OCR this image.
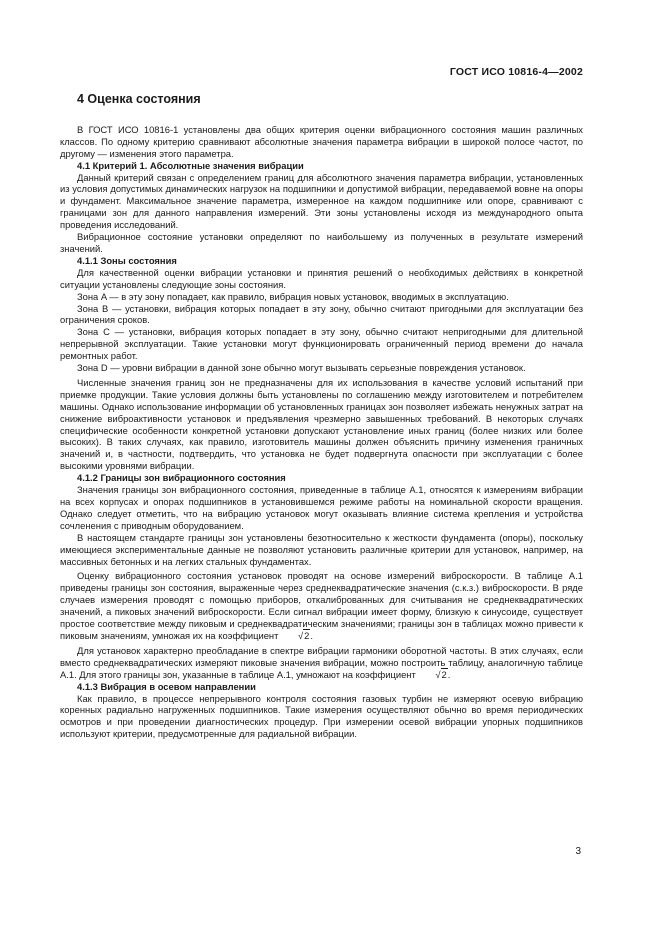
ГОСТ ИСО 10816-4—2002
4 Оценка состояния

В ГОСТ ИСО 10816-1 установлены два общих критерия оценки вибрационного состояния машин различных классов. По одному критерию сравнивают абсолютные значения параметра вибрации в широкой полосе частот, по другому — изменения этого параметра.

4.1 Критерий 1. Абсолютные значения вибрации

Данный критерий связан с определением границ для абсолютного значения параметра вибрации, установленных из условия допустимых динамических нагрузок на подшипники и допустимой вибрации, передаваемой вовне на опоры и фундамент. Максимальное значение параметра, измеренное на каждом подшипнике или опоре, сравнивают с границами зон для данного направления измерений. Эти зоны установлены исходя из международного опыта проведения исследований.

Вибрационное состояние установки определяют по наибольшему из полученных в результате измерений значений.

4.1.1 Зоны состояния

Для качественной оценки вибрации установки и принятия решений о необходимых действиях в конкретной ситуации установлены следующие зоны состояния.

Зона A — в эту зону попадает, как правило, вибрация новых установок, вводимых в эксплуатацию.

Зона B — установки, вибрация которых попадает в эту зону, обычно считают пригодными для эксплуатации без ограничения сроков.

Зона C — установки, вибрация которых попадает в эту зону, обычно считают непригодными для длительной непрерывной эксплуатации. Такие установки могут функционировать ограниченный период времени до начала ремонтных работ.

Зона D — уровни вибрации в данной зоне обычно могут вызывать серьезные повреждения установок.

Численные значения границ зон не предназначены для их использования в качестве условий испытаний при приемке продукции. Такие условия должны быть установлены по соглашению между изготовителем и потребителем машины. Однако использование информации об установленных границах зон позволяет избежать ненужных затрат на снижение виброактивности установок и предъявления чрезмерно завышенных требований. В некоторых случаях специфические особенности конкретной установки допускают установление иных границ (более низких или более высоких). В таких случаях, как правило, изготовитель машины должен объяснить причину изменения граничных значений и, в частности, подтвердить, что установка не будет подвергнута опасности при эксплуатации с более высокими уровнями вибрации.

4.1.2 Границы зон вибрационного состояния

Значения границы зон вибрационного состояния, приведенные в таблице А.1, относятся к измерениям вибрации на всех корпусах и опорах подшипников в установившемся режиме работы на номинальной скорости вращения. Однако следует отметить, что на вибрацию установок могут оказывать влияние система крепления и устройства сочленения с приводным оборудованием.

В настоящем стандарте границы зон установлены безотносительно к жесткости фундамента (опоры), поскольку имеющиеся экспериментальные данные не позволяют установить различные критерии для установок, например, на массивных бетонных и на легких стальных фундаментах.

Оценку вибрационного состояния установок проводят на основе измерений виброскорости. В таблице А.1 приведены границы зон состояния, выраженные через среднеквадратические значения (с.к.з.) виброскорости. В ряде случаев измерения проводят с помощью приборов, откалиброванных для считывания не среднеквадратических значений, а пиковых значений виброскорости. Если сигнал вибрации имеет форму, близкую к синусоиде, существует простое соответствие между пиковым и среднеквадратическим значениями; границы зон в таблицах можно привести к пиковым значениям, умножая их на коэффициент √2.

Для установок характерно преобладание в спектре вибрации гармоники оборотной частоты. В этих случаях, если вместо среднеквадратических измеряют пиковые значения вибрации, можно построить таблицу, аналогичную таблице А.1. Для этого границы зон, указанные в таблице А.1, умножают на коэффициент √2.

4.1.3 Вибрация в осевом направлении

Как правило, в процессе непрерывного контроля состояния газовых турбин не измеряют осевую вибрацию коренных радиально нагруженных подшипников. Такие измерения осуществляют обычно во время периодических осмотров и при проведении диагностических процедур. При измерении осевой вибрации упорных подшипников используют критерии, предусмотренные для радиальной вибрации.

3
